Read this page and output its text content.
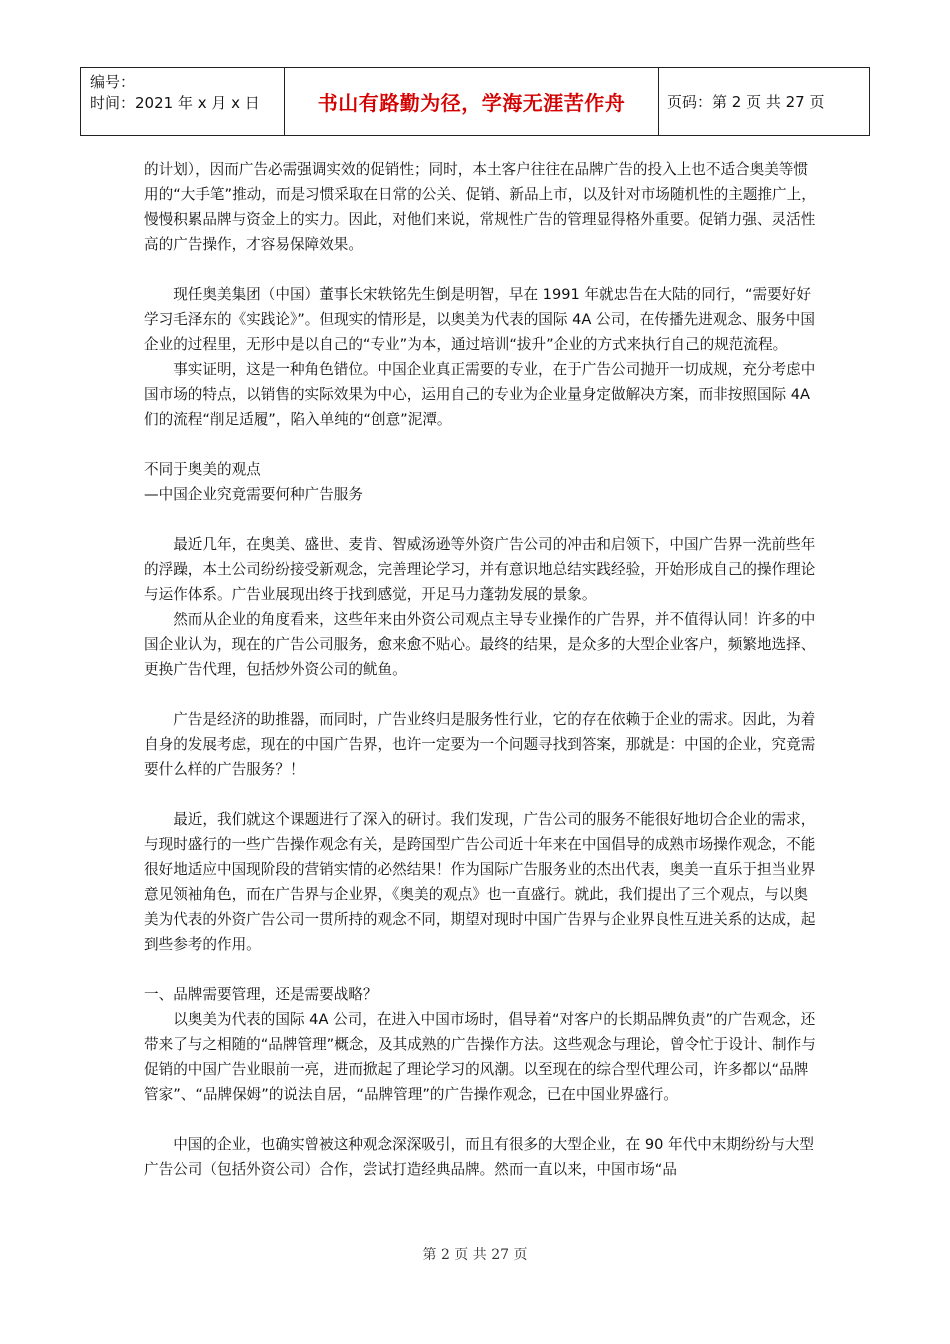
编号：
时间：2021 年 x 月 x 日	书山有路勤为径，学海无涯苦作舟	页码：第 2 页 共 27 页

的计划），因而广告必需强调实效的促销性；同时，本土客户往往在品牌广告的投入上也不适合奥美等惯用的“大手笔”推动，而是习惯采取在日常的公关、促销、新品上市，以及针对市场随机性的主题推广上，慢慢积累品牌与资金上的实力。因此，对他们来说，常规性广告的管理显得格外重要。促销力强、灵活性高的广告操作，才容易保障效果。

现任奥美集团（中国）董事长宋轶铭先生倒是明智，早在 1991 年就忠告在大陆的同行，“需要好好学习毛泽东的《实践论》”。但现实的情形是，以奥美为代表的国际 4A 公司，在传播先进观念、服务中国企业的过程里，无形中是以自己的“专业”为本，通过培训“拔升”企业的方式来执行自己的规范流程。

事实证明，这是一种角色错位。中国企业真正需要的专业，在于广告公司抛开一切成规，充分考虑中国市场的特点，以销售的实际效果为中心，运用自己的专业为企业量身定做解决方案，而非按照国际 4A 们的流程“削足适履”，陷入单纯的“创意”泥潭。

不同于奥美的观点

—中国企业究竟需要何种广告服务

最近几年，在奥美、盛世、麦肯、智威汤逊等外资广告公司的冲击和启领下，中国广告界一洗前些年的浮躁，本土公司纷纷接受新观念，完善理论学习，并有意识地总结实践经验，开始形成自己的操作理论与运作体系。广告业展现出终于找到感觉，开足马力蓬勃发展的景象。

然而从企业的角度看来，这些年来由外资公司观点主导专业操作的广告界，并不值得认同！许多的中国企业认为，现在的广告公司服务，愈来愈不贴心。最终的结果，是众多的大型企业客户，频繁地选择、更换广告代理，包括炒外资公司的鱿鱼。

广告是经济的助推器，而同时，广告业终归是服务性行业，它的存在依赖于企业的需求。因此，为着自身的发展考虑，现在的中国广告界，也许一定要为一个问题寻找到答案，那就是：中国的企业，究竟需要什么样的广告服务？！

最近，我们就这个课题进行了深入的研讨。我们发现，广告公司的服务不能很好地切合企业的需求，与现时盛行的一些广告操作观念有关，是跨国型广告公司近十年来在中国倡导的成熟市场操作观念，不能很好地适应中国现阶段的营销实情的必然结果！作为国际广告服务业的杰出代表，奥美一直乐于担当业界意见领袖角色，而在广告界与企业界，《奥美的观点》也一直盛行。就此，我们提出了三个观点，与以奥美为代表的外资广告公司一贯所持的观念不同，期望对现时中国广告界与企业界良性互进关系的达成，起到些参考的作用。

一、品牌需要管理，还是需要战略？

以奥美为代表的国际 4A 公司，在进入中国市场时，倡导着“对客户的长期品牌负责”的广告观念，还带来了与之相随的“品牌管理”概念，及其成熟的广告操作方法。这些观念与理论，曾令忙于设计、制作与促销的中国广告业眼前一亮，进而掀起了理论学习的风潮。以至现在的综合型代理公司，许多都以“品牌管家”、“品牌保姆”的说法自居，“品牌管理”的广告操作观念，已在中国业界盛行。

中国的企业，也确实曾被这种观念深深吸引，而且有很多的大型企业，在 90 年代中末期纷纷与大型广告公司（包括外资公司）合作，尝试打造经典品牌。然而一直以来，中国市场“品

第 2 页 共 27 页
